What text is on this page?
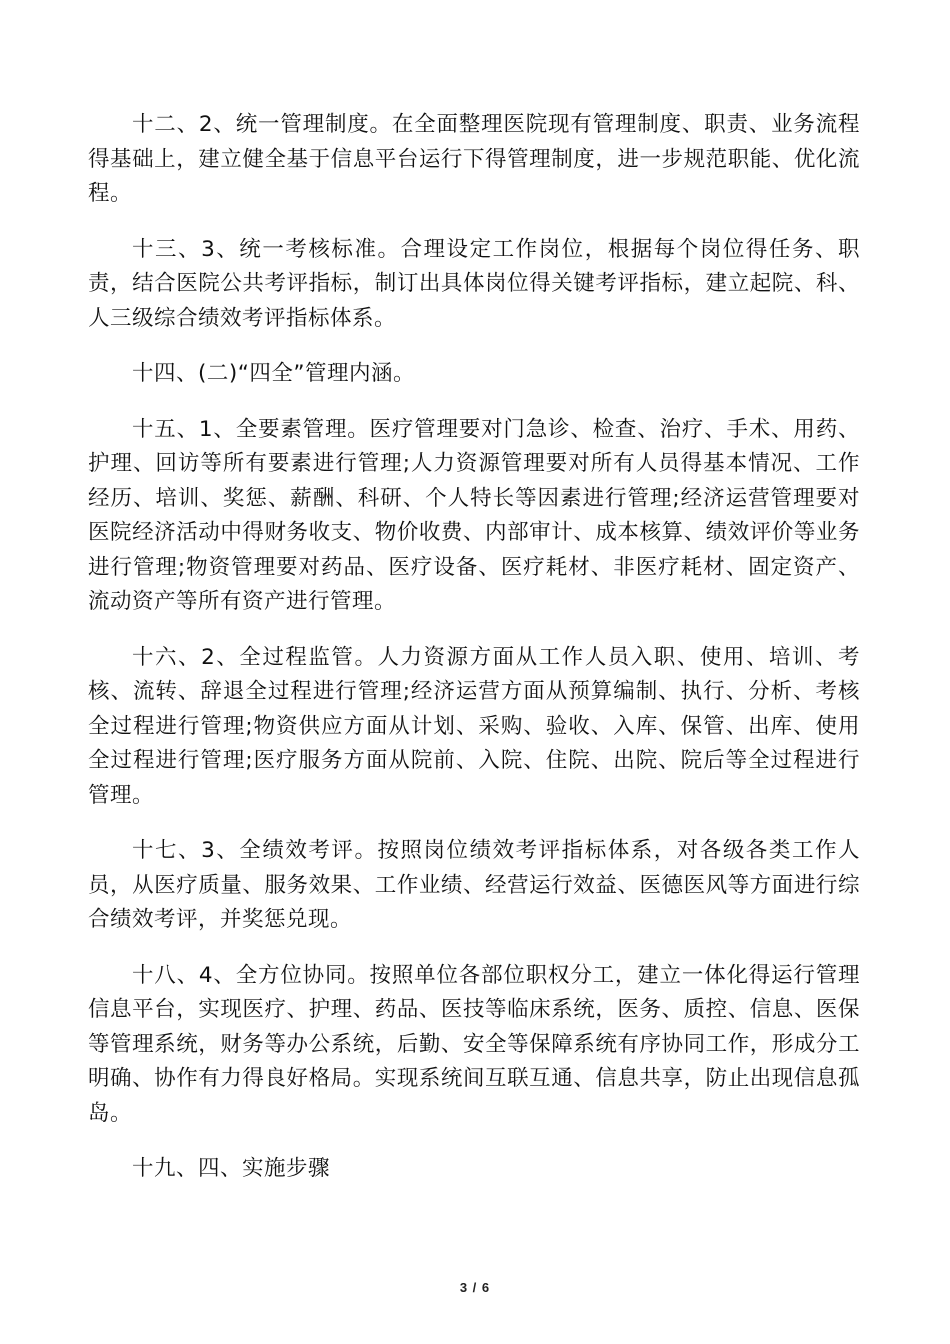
十二、2、统一管理制度。在全面整理医院现有管理制度、职责、业务流程得基础上，建立健全基于信息平台运行下得管理制度，进一步规范职能、优化流程。

十三、3、统一考核标准。合理设定工作岗位，根据每个岗位得任务、职责，结合医院公共考评指标，制订出具体岗位得关键考评指标，建立起院、科、人三级综合绩效考评指标体系。

十四、(二)“四全”管理内涵。

十五、1、全要素管理。医疗管理要对门急诊、检查、治疗、手术、用药、护理、回访等所有要素进行管理;人力资源管理要对所有人员得基本情况、工作经历、培训、奖惩、薪酬、科研、个人特长等因素进行管理;经济运营管理要对医院经济活动中得财务收支、物价收费、内部审计、成本核算、绩效评价等业务进行管理;物资管理要对药品、医疗设备、医疗耗材、非医疗耗材、固定资产、流动资产等所有资产进行管理。

十六、2、全过程监管。人力资源方面从工作人员入职、使用、培训、考核、流转、辞退全过程进行管理;经济运营方面从预算编制、执行、分析、考核全过程进行管理;物资供应方面从计划、采购、验收、入库、保管、出库、使用全过程进行管理;医疗服务方面从院前、入院、住院、出院、院后等全过程进行管理。

十七、3、全绩效考评。按照岗位绩效考评指标体系，对各级各类工作人员，从医疗质量、服务效果、工作业绩、经营运行效益、医德医风等方面进行综合绩效考评，并奖惩兑现。

十八、4、全方位协同。按照单位各部位职权分工，建立一体化得运行管理信息平台，实现医疗、护理、药品、医技等临床系统，医务、质控、信息、医保等管理系统，财务等办公系统，后勤、安全等保障系统有序协同工作，形成分工明确、协作有力得良好格局。实现系统间互联互通、信息共享，防止出现信息孤岛。

十九、四、实施步骤

3 / 6
